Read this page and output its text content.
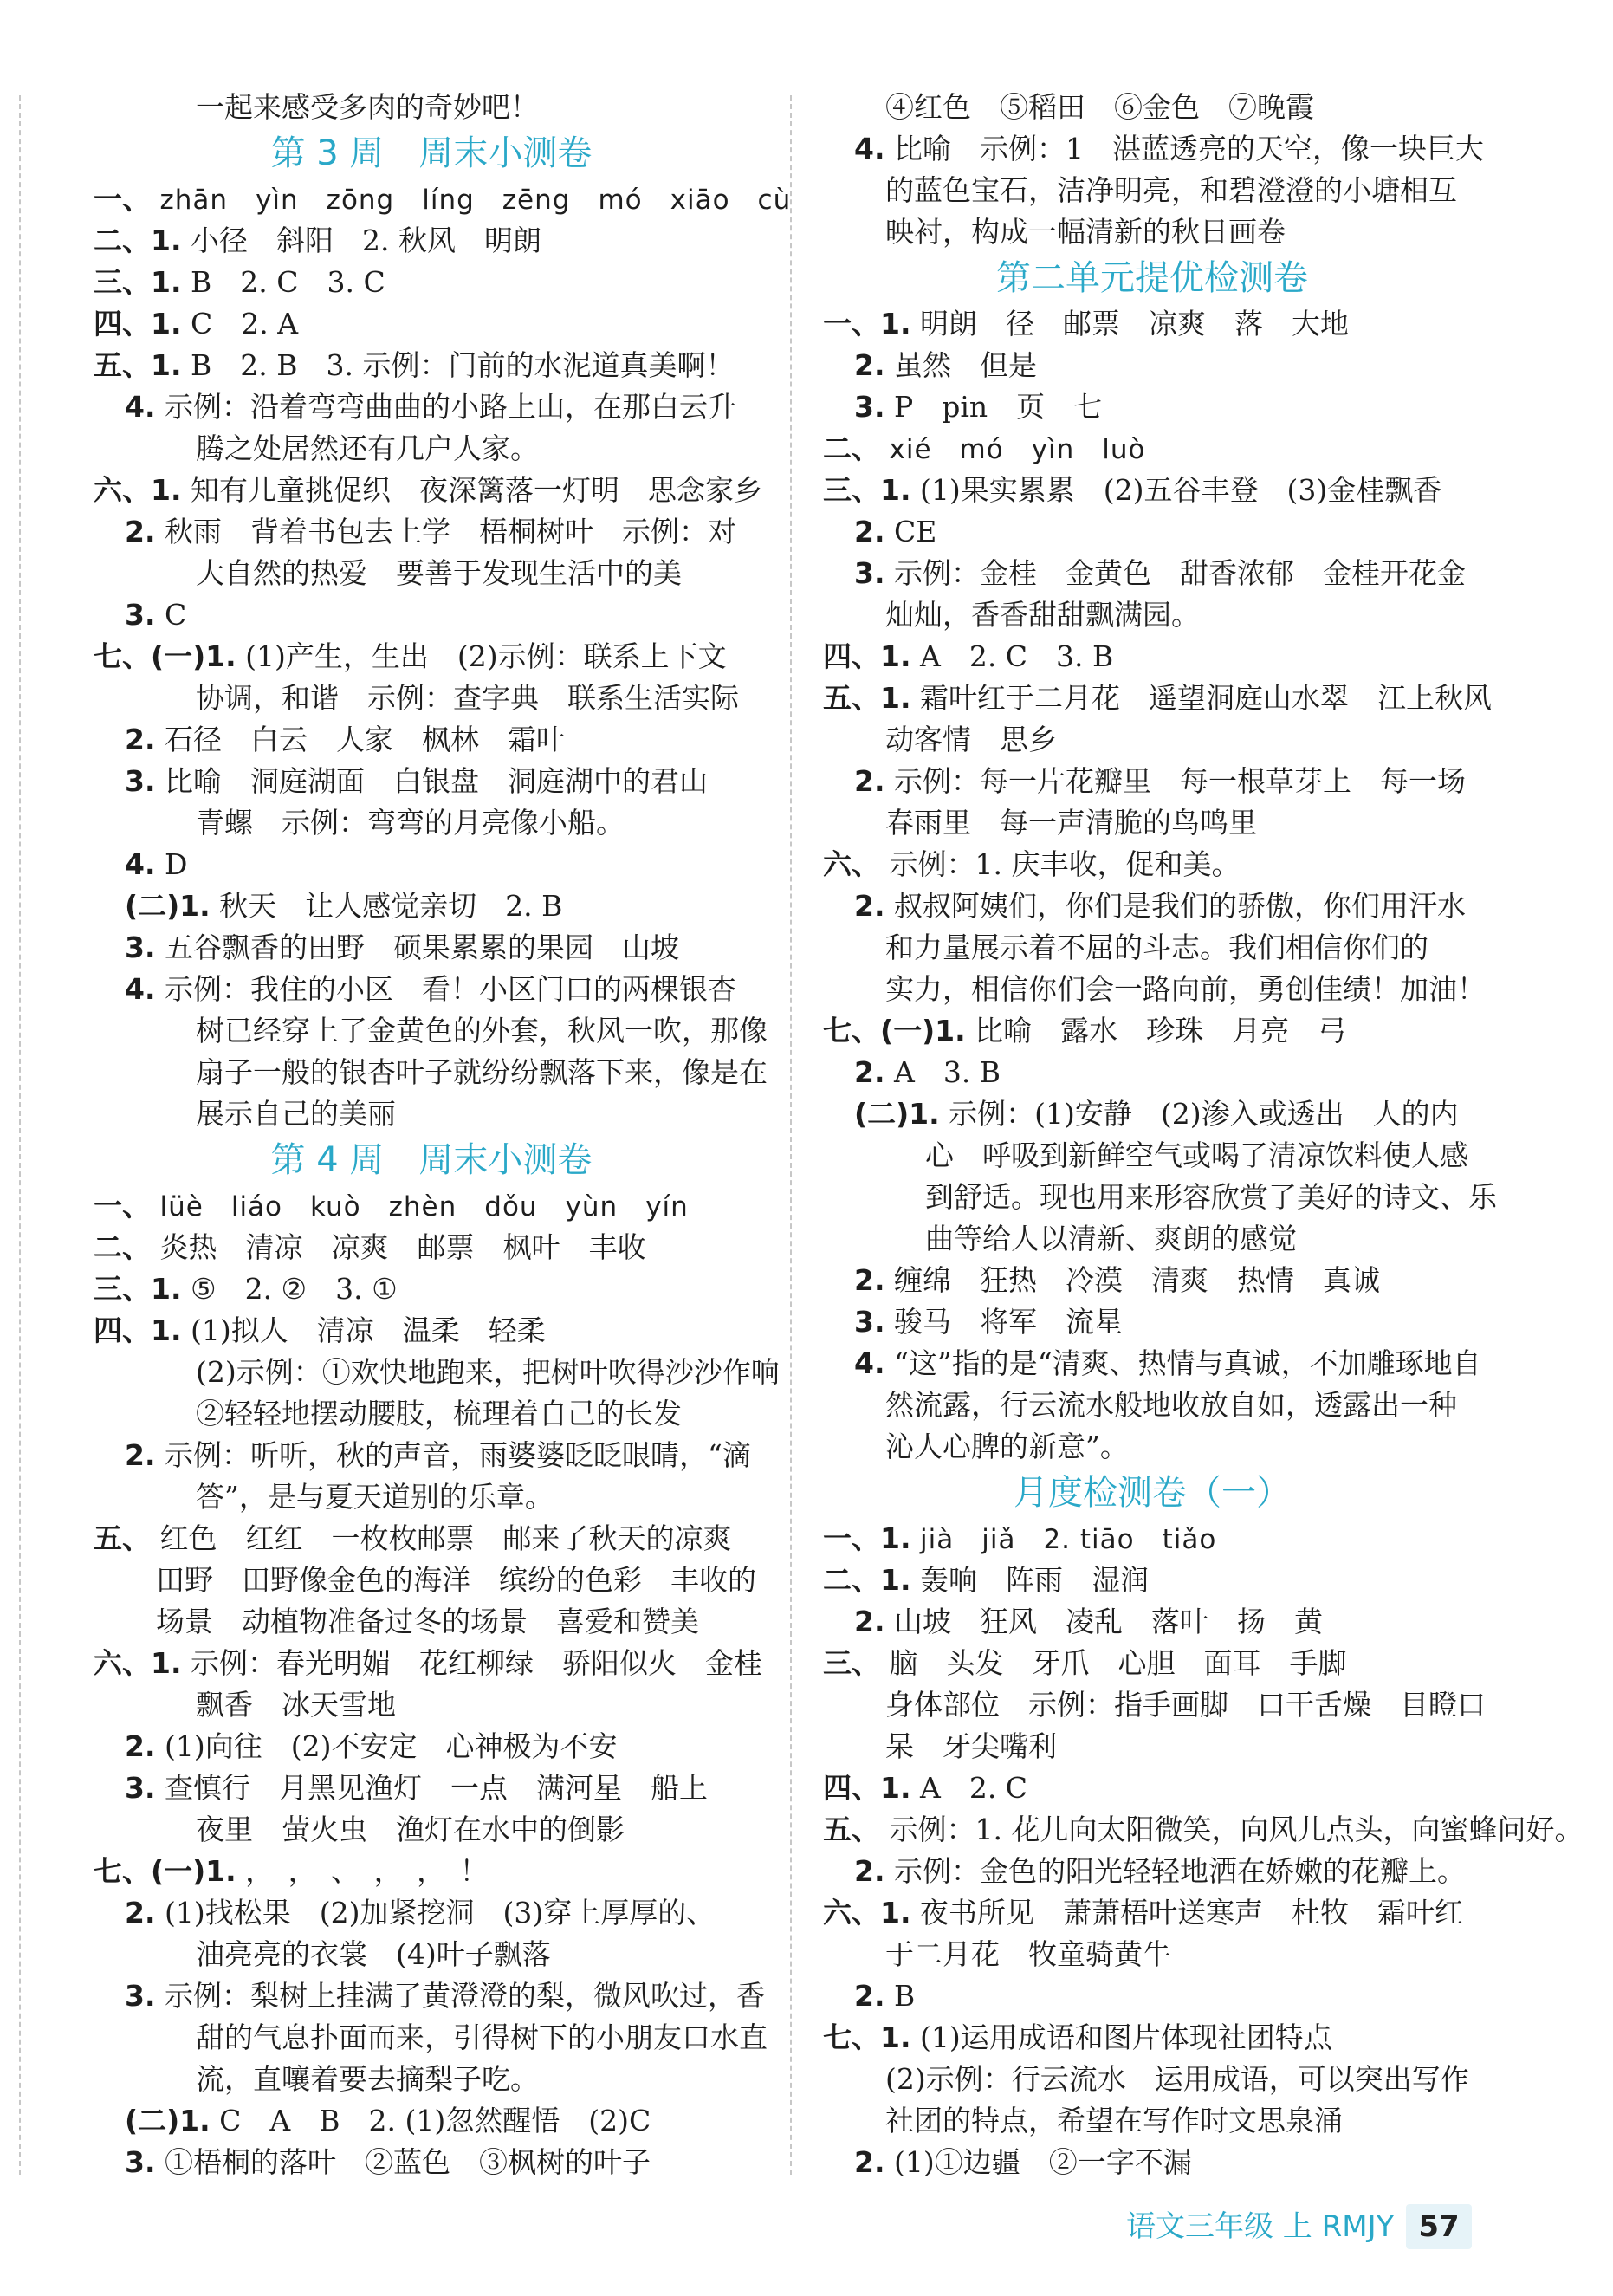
一起来感受多肉的奇妙吧！
第 3 周　周末小测卷
一、 zhān　yìn　zōng　líng　zēng　mó　xiāo　cù
二、1. 小径　斜阳　2. 秋风　明朗
三、1. B　2. C　3. C
四、1. C　2. A
五、1. B　2. B　3. 示例：门前的水泥道真美啊！
4. 示例：沿着弯弯曲曲的小路上山，在那白云升
腾之处居然还有几户人家。
六、1. 知有儿童挑促织　夜深篱落一灯明　思念家乡
2. 秋雨　背着书包去上学　梧桐树叶　示例：对
大自然的热爱　要善于发现生活中的美
3. C
七、(一)1. (1)产生，生出　(2)示例：联系上下文
协调，和谐　示例：查字典　联系生活实际
2. 石径　白云　人家　枫林　霜叶
3. 比喻　洞庭湖面　白银盘　洞庭湖中的君山
青螺　示例：弯弯的月亮像小船。
4. D
(二)1. 秋天　让人感觉亲切　2. B
3. 五谷飘香的田野　硕果累累的果园　山坡
4. 示例：我住的小区　看！小区门口的两棵银杏
树已经穿上了金黄色的外套，秋风一吹，那像
扇子一般的银杏叶子就纷纷飘落下来，像是在
展示自己的美丽
第 4 周　周末小测卷
一、 lüè　liáo　kuò　zhèn　dǒu　yùn　yín
二、 炎热　清凉　凉爽　邮票　枫叶　丰收
三、1. ⑤　2. ②　3. ①
四、1. (1)拟人　清凉　温柔　轻柔
(2)示例：①欢快地跑来，把树叶吹得沙沙作响
②轻轻地摆动腰肢，梳理着自己的长发
2. 示例：听听，秋的声音，雨婆婆眨眨眼睛，“滴
答”，是与夏天道别的乐章。
五、 红色　红红　一枚枚邮票　邮来了秋天的凉爽
田野　田野像金色的海洋　缤纷的色彩　丰收的
场景　动植物准备过冬的场景　喜爱和赞美
六、1. 示例：春光明媚　花红柳绿　骄阳似火　金桂
飘香　冰天雪地
2. (1)向往　(2)不安定　心神极为不安
3. 查慎行　月黑见渔灯　一点　满河星　船上
夜里　萤火虫　渔灯在水中的倒影
七、(一)1. ，　，　、　，　，　！
2. (1)找松果　(2)加紧挖洞　(3)穿上厚厚的、
油亮亮的衣裳　(4)叶子飘落
3. 示例：梨树上挂满了黄澄澄的梨，微风吹过，香
甜的气息扑面而来，引得树下的小朋友口水直
流，直嚷着要去摘梨子吃。
(二)1. C　A　B　2. (1)忽然醒悟　(2)C
3. ①梧桐的落叶　②蓝色　③枫树的叶子
④红色　⑤稻田　⑥金色　⑦晚霞
4. 比喻　示例：1　湛蓝透亮的天空，像一块巨大
的蓝色宝石，洁净明亮，和碧澄澄的小塘相互
映衬，构成一幅清新的秋日画卷
第二单元提优检测卷
一、1. 明朗　径　邮票　凉爽　落　大地
2. 虽然　但是
3. P　pin　页　七
二、 xié　mó　yìn　luò
三、1. (1)果实累累　(2)五谷丰登　(3)金桂飘香
2. CE
3. 示例：金桂　金黄色　甜香浓郁　金桂开花金
灿灿，香香甜甜飘满园。
四、1. A　2. C　3. B
五、1. 霜叶红于二月花　遥望洞庭山水翠　江上秋风
动客情　思乡
2. 示例：每一片花瓣里　每一根草芽上　每一场
春雨里　每一声清脆的鸟鸣里
六、 示例：1. 庆丰收，促和美。
2. 叔叔阿姨们，你们是我们的骄傲，你们用汗水
和力量展示着不屈的斗志。我们相信你们的
实力，相信你们会一路向前，勇创佳绩！加油！
七、(一)1. 比喻　露水　珍珠　月亮　弓
2. A　3. B
(二)1. 示例：(1)安静　(2)渗入或透出　人的内
心　呼吸到新鲜空气或喝了清凉饮料使人感
到舒适。现也用来形容欣赏了美好的诗文、乐
曲等给人以清新、爽朗的感觉
2. 缠绵　狂热　冷漠　清爽　热情　真诚
3. 骏马　将军　流星
4. “这”指的是“清爽、热情与真诚，不加雕琢地自
然流露，行云流水般地收放自如，透露出一种
沁人心脾的新意”。
月度检测卷（一）
一、1. jià　jiǎ　2. tiāo　tiǎo
二、1. 轰响　阵雨　湿润
2. 山坡　狂风　凌乱　落叶　扬　黄
三、 脑　头发　牙爪　心胆　面耳　手脚
身体部位　示例：指手画脚　口干舌燥　目瞪口
呆　牙尖嘴利
四、1. A　2. C
五、 示例：1. 花儿向太阳微笑，向风儿点头，向蜜蜂问好。
2. 示例：金色的阳光轻轻地洒在娇嫩的花瓣上。
六、1. 夜书所见　萧萧梧叶送寒声　杜牧　霜叶红
于二月花　牧童骑黄牛
2. B
七、1. (1)运用成语和图片体现社团特点
(2)示例：行云流水　运用成语，可以突出写作
社团的特点，希望在写作时文思泉涌
2. (1)①边疆　②一字不漏
语文三年级 上 RMJY 57
